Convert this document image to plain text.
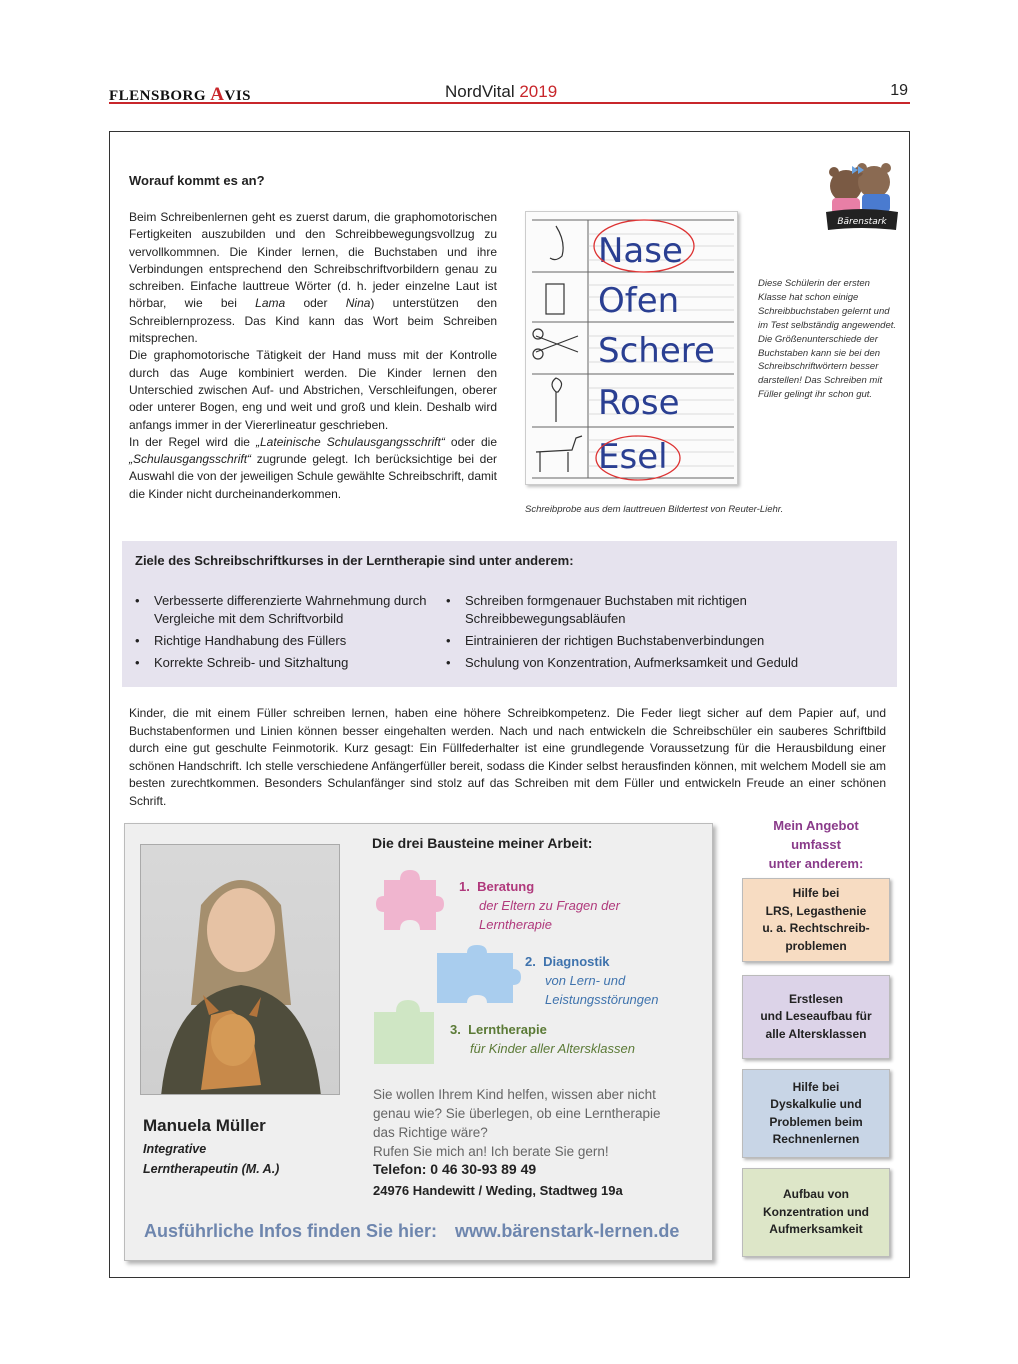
FLENSBORG AVIS	NordVital 2019	19
Worauf kommt es an?
Beim Schreibenlernen geht es zuerst darum, die graphomotorischen Fertigkeiten auszubilden und den Schreibbewegungsvollzug zu vervollkommnen. Die Kinder lernen, die Buchstaben und ihre Verbindungen entsprechend den Schreibschriftvorbildern genau zu schreiben. Einfache lauttreue Wörter (d. h. jeder einzelne Laut ist hörbar, wie bei Lama oder Nina) unterstützen den Schreiblernprozess. Das Kind kann das Wort beim Schreiben mitsprechen.
Die graphomotorische Tätigkeit der Hand muss mit der Kontrolle durch das Auge kombiniert werden. Die Kinder lernen den Unterschied zwischen Auf- und Abstrichen, Verschleifungen, oberer oder unterer Bogen, eng und weit und groß und klein. Deshalb wird anfangs immer in der Viererlineatur geschrieben.
In der Regel wird die „Lateinische Schulausgangsschrift“ oder die „Schulausgangsschrift“ zugrunde gelegt. Ich berücksichtige bei der Auswahl die von der jeweiligen Schule gewählte Schreibschrift, damit die Kinder nicht durcheinanderkommen.
Nase
Ofen
Schere
Rose
Esel
Schreibprobe aus dem lauttreuen Bildertest von Reuter-Liehr.
Diese Schülerin der ersten Klasse hat schon einige Schreibbuchstaben gelernt und im Test selbständig angewendet. Die Größenunterschiede der Buchstaben kann sie bei den Schreibschriftwörtern besser darstellen! Das Schreiben mit Füller gelingt ihr schon gut.
Bärenstark
Ziele des Schreibschriftkurses in der Lerntherapie sind unter anderem:
• Verbesserte differenzierte Wahrnehmung durch Vergleiche mit dem Schriftvorbild
• Richtige Handhabung des Füllers
• Korrekte Schreib- und Sitzhaltung
• Schreiben formgenauer Buchstaben mit richtigen Schreibbewegungsabläufen
• Eintrainieren der richtigen Buchstabenverbindungen
• Schulung von Konzentration, Aufmerksamkeit und Geduld
Kinder, die mit einem Füller schreiben lernen, haben eine höhere Schreibkompetenz. Die Feder liegt sicher auf dem Papier auf, und Buchstabenformen und Linien können besser eingehalten werden. Nach und nach entwickeln die Schreibschüler ein sauberes Schriftbild durch eine gut geschulte Feinmotorik. Kurz gesagt: Ein Füllfederhalter ist eine grundlegende Voraussetzung für die Herausbildung einer schönen Handschrift. Ich stelle verschiedene Anfängerfüller bereit, sodass die Kinder selbst herausfinden können, mit welchem Modell sie am besten zurechtkommen. Besonders Schulanfänger sind stolz auf das Schreiben mit dem Füller und entwickeln Freude an einer schönen Schrift.
Manuela Müller
Integrative
Lerntherapeutin (M. A.)
Die drei Bausteine meiner Arbeit:
1. Beratung
der Eltern zu Fragen der
Lerntherapie
2. Diagnostik
von Lern- und
Leistungsstörungen
3. Lerntherapie
für Kinder aller Altersklassen
Sie wollen Ihrem Kind helfen, wissen aber nicht
genau wie? Sie überlegen, ob eine Lerntherapie
das Richtige wäre?
Rufen Sie mich an! Ich berate Sie gern!
Telefon: 0 46 30-93 89 49
24976 Handewitt / Weding, Stadtweg 19a
Ausführliche Infos finden Sie hier: www.bärenstark-lernen.de
Mein Angebot
umfasst
unter anderem:
Hilfe bei
LRS, Legasthenie
u. a. Rechtschreib-
problemen
Erstlesen
und Leseaufbau für
alle Altersklassen
Hilfe bei
Dyskalkulie und
Problemen beim
Rechnenlernen
Aufbau von
Konzentration und
Aufmerksamkeit
